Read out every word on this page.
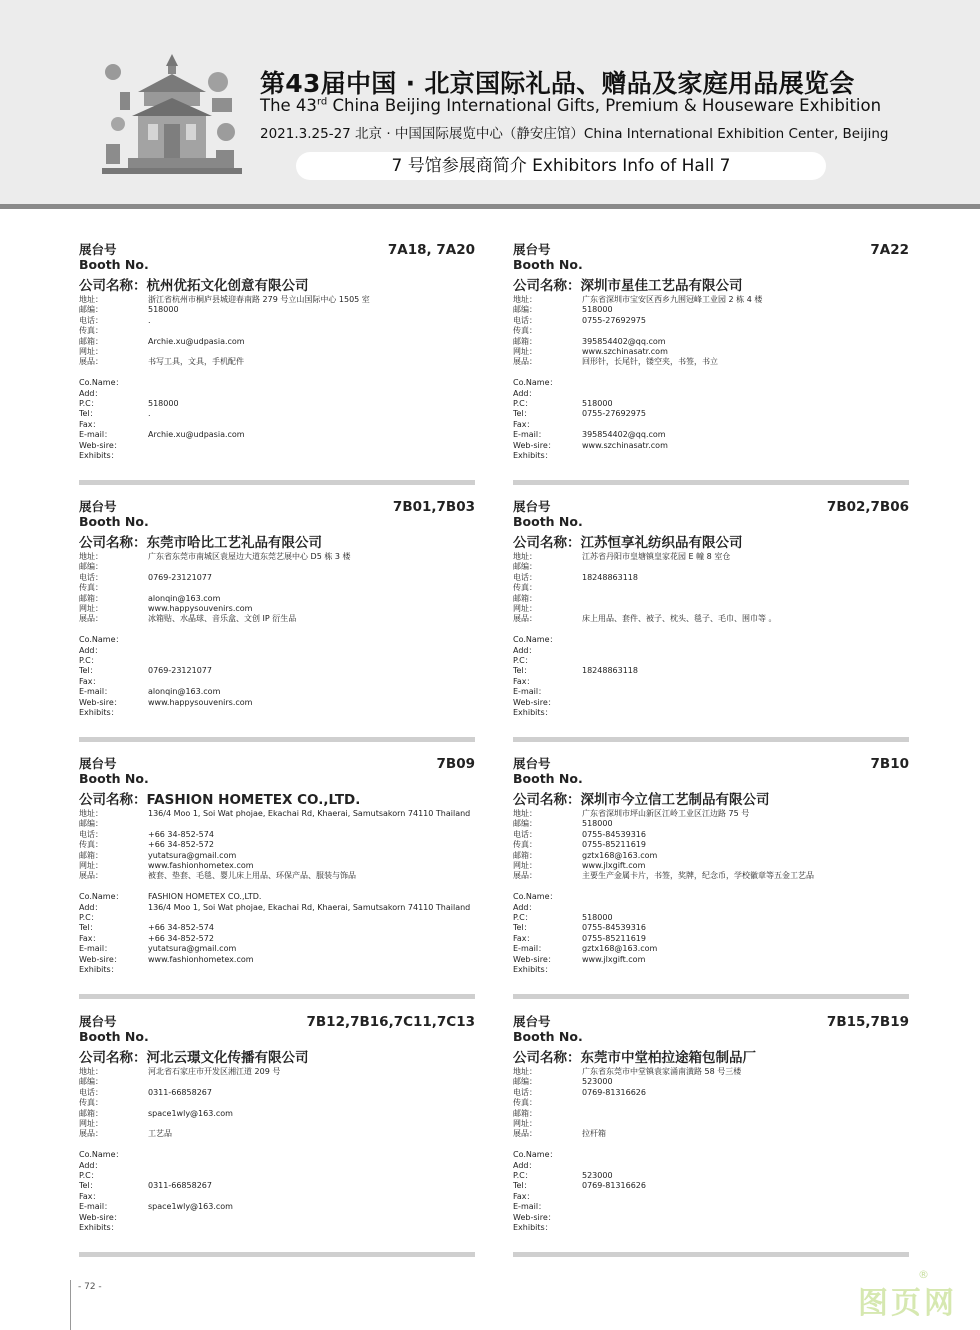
第43届中国 · 北京国际礼品、赠品及家庭用品展览会
The 43rd China Beijing International Gifts, Premium & Houseware Exhibition
2021.3.25-27 北京 · 中国国际展览中心（静安庄馆）China International Exhibition Center, Beijing
7 号馆参展商简介 Exhibitors Info of Hall 7
展台号
Booth No.
7A18, 7A20
公司名称：杭州优拓文化创意有限公司
地址：	浙江省杭州市桐庐县城迎春南路 279 号立山国际中心 1505 室
邮编：	518000
电话：	.
传真：
邮箱：	Archie.xu@udpasia.com
网址：
展品：	书写工具，文具，手机配件
Co.Name：
Add：
P.C：	518000
Tel：	.
Fax：
E-mail：	Archie.xu@udpasia.com
Web-sire：
Exhibits：
展台号
Booth No.
7A22
公司名称：深圳市星佳工艺品有限公司
地址：	广东省深圳市宝安区西乡九围冠峰工业园 2 栋 4 楼
邮编：	518000
电话：	0755-27692975
传真：
邮箱：	395854402@qq.com
网址：	www.szchinasatr.com
展品：	回形针，长尾针，镂空夹，书签，书立
Co.Name：
Add：
P.C：	518000
Tel：	0755-27692975
Fax：
E-mail：	395854402@qq.com
Web-sire：	www.szchinasatr.com
Exhibits：
展台号
Booth No.
7B01,7B03
公司名称：东莞市哈比工艺礼品有限公司
地址：	广东省东莞市南城区袁屋边大道东莞艺展中心 D5 栋 3 楼
邮编：
电话：	0769-23121077
传真：
邮箱：	alonqin@163.com
网址：	www.happysouvenirs.com
展品：	冰箱贴、水晶球、音乐盒、文创 IP 衍生品
Co.Name：
Add：
P.C：
Tel：	0769-23121077
Fax：
E-mail：	alonqin@163.com
Web-sire：	www.happysouvenirs.com
Exhibits：
展台号
Booth No.
7B02,7B06
公司名称：江苏恒享礼纺织品有限公司
地址：	江苏省丹阳市皇塘镇皇家花园 E 幢 8 室仓
邮编：
电话：	18248863118
传真：
邮箱：
网址：
展品：	床上用品、套件、被子、枕头、毯子、毛巾、围巾等 。
Co.Name：
Add：
P.C：
Tel：	18248863118
Fax：
E-mail：
Web-sire：
Exhibits：
展台号
Booth No.
7B09
公司名称：FASHION HOMETEX CO.,LTD.
地址：	136/4 Moo 1, Soi Wat phojae, Ekachai Rd, Khaerai, Samutsakorn 74110 Thailand
邮编：
电话：	+66 34-852-574
传真：	+66 34-852-572
邮箱：	yutatsura@gmail.com
网址：	www.fashionhometex.com
展品：	被套、垫套、毛毯、婴儿床上用品、环保产品、服装与饰品
Co.Name：	FASHION HOMETEX CO.,LTD.
Add：	136/4 Moo 1, Soi Wat phojae, Ekachai Rd, Khaerai, Samutsakorn 74110 Thailand
P.C：
Tel：	+66 34-852-574
Fax：	+66 34-852-572
E-mail：	yutatsura@gmail.com
Web-sire：	www.fashionhometex.com
Exhibits：
展台号
Booth No.
7B10
公司名称：深圳市今立信工艺制品有限公司
地址：	广东省深圳市坪山新区江岭工业区江边路 75 号
邮编：	518000
电话：	0755-84539316
传真：	0755-85211619
邮箱：	gztx168@163.com
网址：	www.jlxgift.com
展品：	主要生产金属卡片，书签，奖牌，纪念币，学校徽章等五金工艺品
Co.Name：
Add：
P.C：	518000
Tel：	0755-84539316
Fax：	0755-85211619
E-mail：	gztx168@163.com
Web-sire：	www.jlxgift.com
Exhibits：
展台号
Booth No.
7B12,7B16,7C11,7C13
公司名称：河北云璟文化传播有限公司
地址：	河北省石家庄市开发区湘江道 209 号
邮编：
电话：	0311-66858267
传真：
邮箱：	space1wly@163.com
网址：
展品：	工艺品
Co.Name：
Add：
P.C：
Tel：	0311-66858267
Fax：
E-mail：	space1wly@163.com
Web-sire：
Exhibits：
展台号
Booth No.
7B15,7B19
公司名称：东莞市中堂柏拉途箱包制品厂
地址：	广东省东莞市中堂镇袁家涌南潢路 58 号三楼
邮编：	523000
电话：	0769-81316626
传真：
邮箱：
网址：
展品：	拉杆箱
Co.Name：
Add：
P.C：	523000
Tel：	0769-81316626
Fax：
E-mail：
Web-sire：
Exhibits：
- 72 -	图页网
®
